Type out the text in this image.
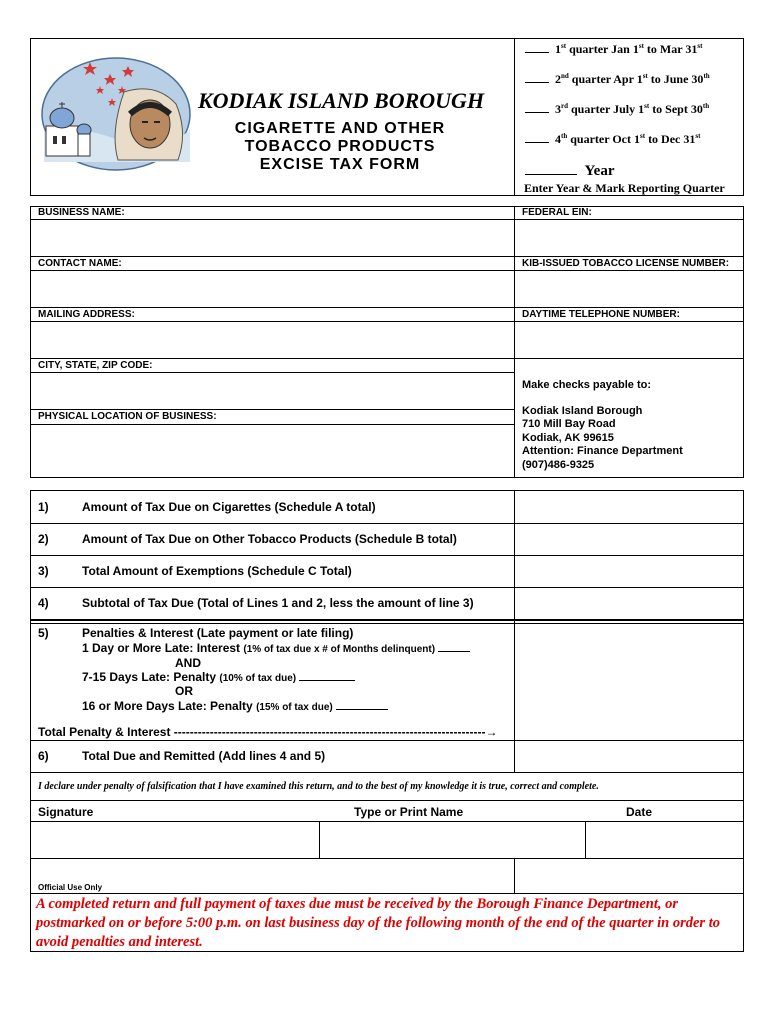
KODIAK ISLAND BOROUGH
CIGARETTE AND OTHER
TOBACCO PRODUCTS
EXCISE TAX FORM
1st quarter Jan 1st to Mar 31st
2nd quarter Apr 1st to June 30th
3rd quarter July 1st to Sept 30th
4th quarter Oct 1st to Dec 31st
Year
Enter Year & Mark Reporting Quarter
BUSINESS NAME:	FEDERAL EIN:
CONTACT NAME:	KIB-ISSUED TOBACCO LICENSE NUMBER:
MAILING ADDRESS:	DAYTIME TELEPHONE NUMBER:
CITY, STATE, ZIP CODE:
PHYSICAL LOCATION OF BUSINESS:
Make checks payable to:
Kodiak Island Borough
710 Mill Bay Road
Kodiak, AK 99615
Attention: Finance Department
(907)486-9325
1)	Amount of Tax Due on Cigarettes (Schedule A total)
2)	Amount of Tax Due on Other Tobacco Products (Schedule B total)
3)	Total Amount of Exemptions (Schedule C Total)
4)	Subtotal of Tax Due (Total of Lines 1 and 2, less the amount of line 3)
5)	Penalties & Interest (Late payment or late filing)
1 Day or More Late: Interest (1% of tax due x # of Months delinquent)
AND
7-15 Days Late: Penalty (10% of tax due)
OR
16 or More Days Late: Penalty (15% of tax due)
Total Penalty & Interest ------------------------------------------------------------------------------→
6)	Total Due and Remitted (Add lines 4 and 5)
I declare under penalty of falsification that I have examined this return, and to the best of my knowledge it is true, correct and complete.
Signature	Type or Print Name	Date
Official Use Only
A completed return and full payment of taxes due must be received by the Borough Finance Department, or postmarked on or before 5:00 p.m. on last business day of the following month of the end of the quarter in order to avoid penalties and interest.
